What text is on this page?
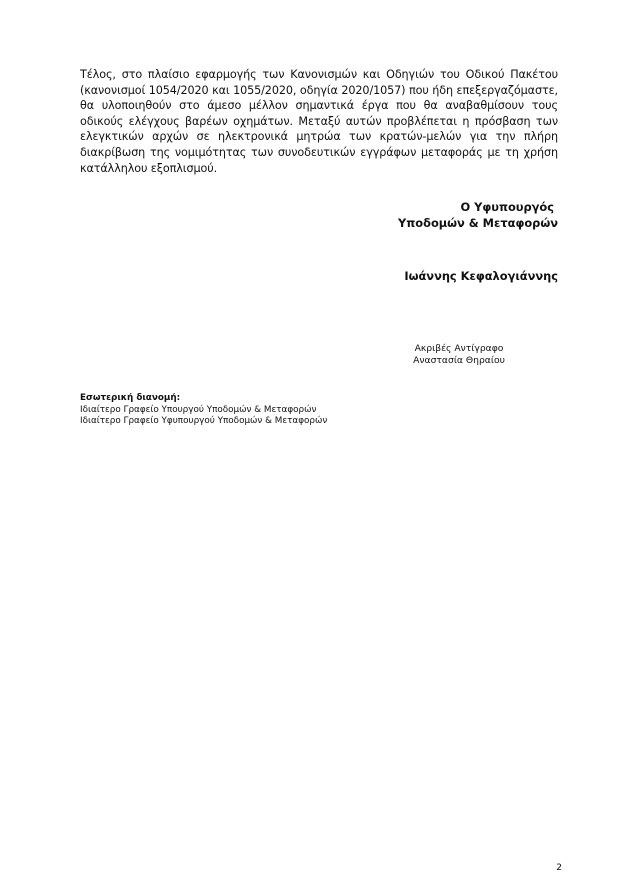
Τέλος, στο πλαίσιο εφαρμογής των Κανονισμών και Οδηγιών του Οδικού Πακέτου (κανονισμοί 1054/2020 και 1055/2020, οδηγία 2020/1057) που ήδη επεξεργαζόμαστε, θα υλοποιηθούν στο άμεσο μέλλον σημαντικά έργα που θα αναβαθμίσουν τους οδικούς ελέγχους βαρέων οχημάτων. Μεταξύ αυτών προβλέπεται η πρόσβαση των ελεγκτικών αρχών σε ηλεκτρονικά μητρώα των κρατών-μελών για την πλήρη διακρίβωση της νομιμότητας των συνοδευτικών εγγράφων μεταφοράς με τη χρήση κατάλληλου εξοπλισμού.

Ο Υφυπουργός
Υποδομών & Μεταφορών
Ιωάννης Κεφαλογιάννης
Ακριβές Αντίγραφο
Αναστασία Θηραίου
Εσωτερική διανομή:
Ιδιαίτερο Γραφείο Υπουργού Υποδομών & Μεταφορών
Ιδιαίτερο Γραφείο Υφυπουργού Υποδομών & Μεταφορών
2
